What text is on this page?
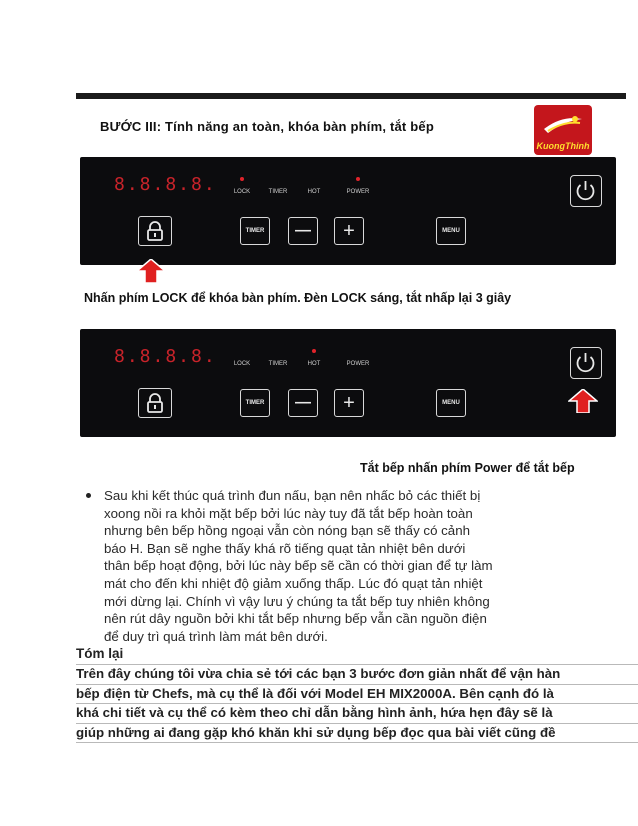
BƯỚC III: Tính năng an toàn, khóa bàn phím, tắt bếp
KuongThinh
8.8.8.8.	LOCK	TIMER	HOT	POWER
TIMER	—	+	MENU
Nhấn phím LOCK để khóa bàn phím. Đèn LOCK sáng, tắt nhấp lại 3 giây
8.8.8.8.	LOCK	TIMER	HOT	POWER
TIMER	—	+	MENU
Tắt bếp nhấn phím Power để tắt bếp
Sau khi kết thúc quá trình đun nấu, bạn nên nhấc bỏ các thiết bị
xoong nồi ra khỏi mặt bếp bởi lúc này tuy đã tắt bếp hoàn toàn
nhưng bên bếp hồng ngoại vẫn còn nóng bạn sẽ thấy có cảnh
báo H. Bạn sẽ nghe thấy khá rõ tiếng quạt tản nhiệt bên dưới
thân bếp hoạt động, bởi lúc này bếp sẽ cần có thời gian để tự làm
mát cho đến khi nhiệt độ giảm xuống thấp. Lúc đó quạt tản nhiệt
mới dừng lại. Chính vì vậy lưu ý chúng ta tắt bếp tuy nhiên không
nên rút dây nguồn bởi khi tắt bếp nhưng bếp vẫn cần nguồn điện
để duy trì quá trình làm mát bên dưới.
Tóm lại
Trên đây chúng tôi vừa chia sẻ tới các bạn 3 bước đơn giản nhất để vận hàn
bếp điện từ Chefs, mà cụ thể là đối với Model EH MIX2000A. Bên cạnh đó là
khá chi tiết và cụ thể có kèm theo chỉ dẫn bằng hình ảnh, hứa hẹn đây sẽ là
giúp những ai đang gặp khó khăn khi sử dụng bếp đọc qua bài viết cũng đề
